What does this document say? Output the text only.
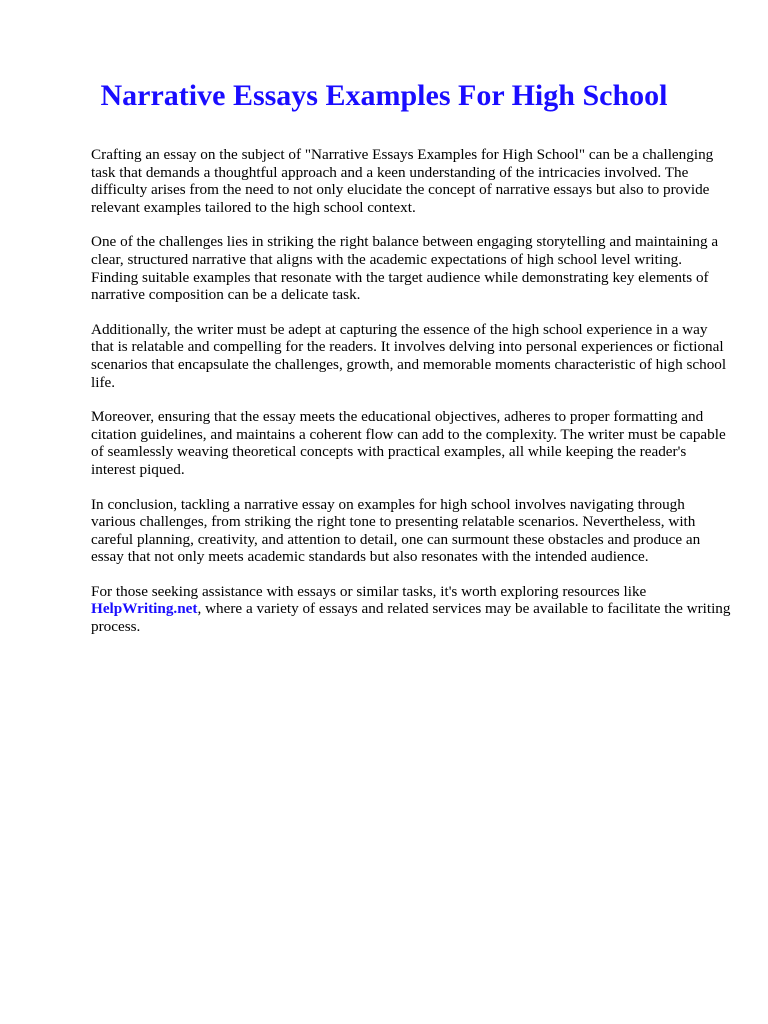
Narrative Essays Examples For High School

Crafting an essay on the subject of "Narrative Essays Examples for High School" can be a challenging task that demands a thoughtful approach and a keen understanding of the intricacies involved. The difficulty arises from the need to not only elucidate the concept of narrative essays but also to provide relevant examples tailored to the high school context.

One of the challenges lies in striking the right balance between engaging storytelling and maintaining a clear, structured narrative that aligns with the academic expectations of high school level writing. Finding suitable examples that resonate with the target audience while demonstrating key elements of narrative composition can be a delicate task.

Additionally, the writer must be adept at capturing the essence of the high school experience in a way that is relatable and compelling for the readers. It involves delving into personal experiences or fictional scenarios that encapsulate the challenges, growth, and memorable moments characteristic of high school life.

Moreover, ensuring that the essay meets the educational objectives, adheres to proper formatting and citation guidelines, and maintains a coherent flow can add to the complexity. The writer must be capable of seamlessly weaving theoretical concepts with practical examples, all while keeping the reader's interest piqued.

In conclusion, tackling a narrative essay on examples for high school involves navigating through various challenges, from striking the right tone to presenting relatable scenarios. Nevertheless, with careful planning, creativity, and attention to detail, one can surmount these obstacles and produce an essay that not only meets academic standards but also resonates with the intended audience.

For those seeking assistance with essays or similar tasks, it's worth exploring resources like HelpWriting.net, where a variety of essays and related services may be available to facilitate the writing process.
